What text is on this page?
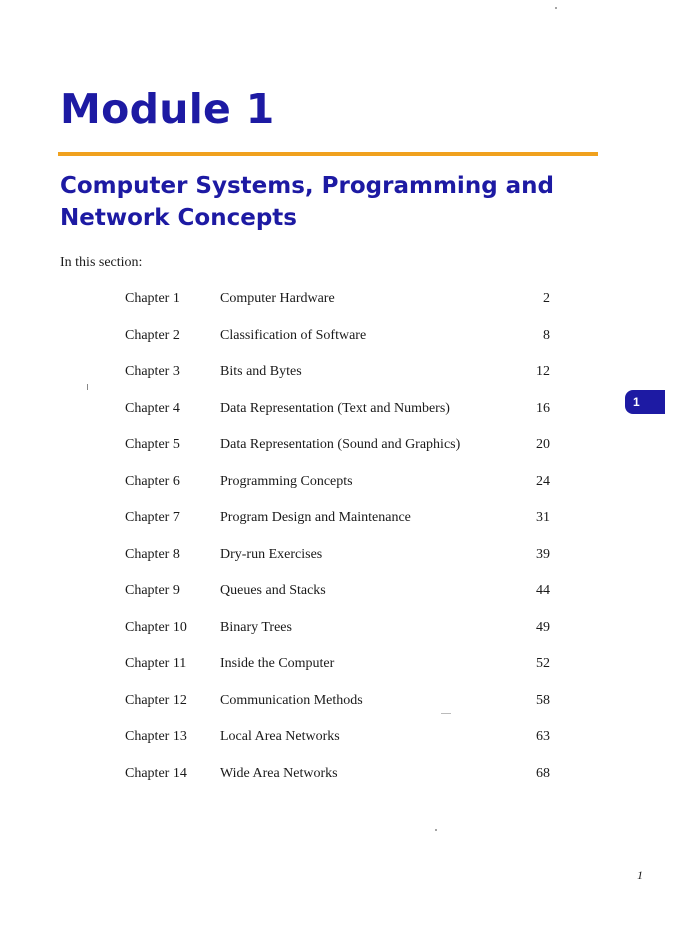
Module 1
Computer Systems, Programming and Network Concepts

In this section:

Chapter 1	Computer Hardware	2
Chapter 2	Classification of Software	8
Chapter 3	Bits and Bytes	12
Chapter 4	Data Representation (Text and Numbers)	16
Chapter 5	Data Representation (Sound and Graphics)	20
Chapter 6	Programming Concepts	24
Chapter 7	Program Design and Maintenance	31
Chapter 8	Dry-run Exercises	39
Chapter 9	Queues and Stacks	44
Chapter 10 Binary Trees	49
Chapter 11 Inside the Computer	52
Chapter 12 Communication Methods	58
Chapter 13 Local Area Networks	63
Chapter 14 Wide Area Networks	68
1
1
